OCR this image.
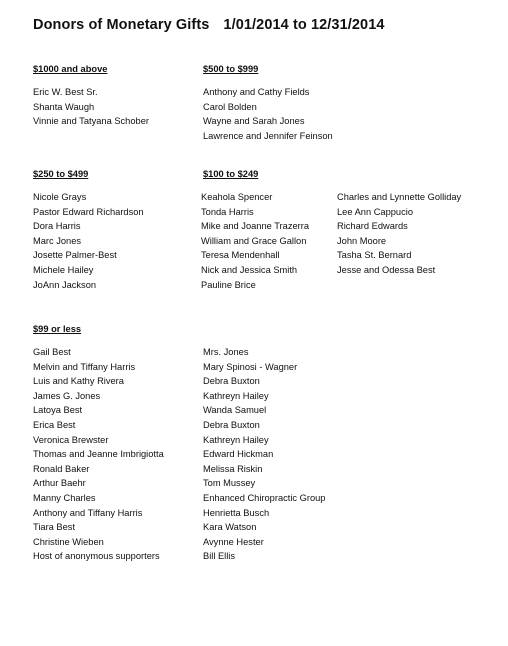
Donors of Monetary Gifts 1/01/2014 to 12/31/2014
$1000 and above
Eric W. Best Sr.
Shanta Waugh
Vinnie and Tatyana Schober
$500 to $999
Anthony and Cathy Fields
Carol Bolden
Wayne and Sarah Jones
Lawrence and Jennifer Feinson
$250 to $499
Nicole Grays
Pastor Edward Richardson
Dora Harris
Marc Jones
Josette Palmer-Best
Michele Hailey
JoAnn Jackson
$100 to $249
Keahola Spencer
Tonda Harris
Mike and Joanne Trazerra
William and Grace Gallon
Teresa Mendenhall
Nick and Jessica Smith
Pauline Brice
Charles and Lynnette Golliday
Lee Ann Cappucio
Richard Edwards
John Moore
Tasha St. Bernard
Jesse and Odessa Best
$99 or less
Gail Best
Melvin and Tiffany Harris
Luis and Kathy Rivera
James G. Jones
Latoya Best
Erica Best
Veronica Brewster
Thomas and Jeanne Imbrigiotta
Ronald Baker
Arthur Baehr
Manny Charles
Anthony and Tiffany Harris
Tiara Best
Christine Wieben
Host of anonymous supporters
Mrs. Jones
Mary Spinosi - Wagner
Debra Buxton
Kathreyn Hailey
Wanda Samuel
Debra Buxton
Kathreyn Hailey
Edward Hickman
Melissa Riskin
Tom Mussey
Enhanced Chiropractic Group
Henrietta Busch
Kara Watson
Avynne Hester
Bill Ellis
